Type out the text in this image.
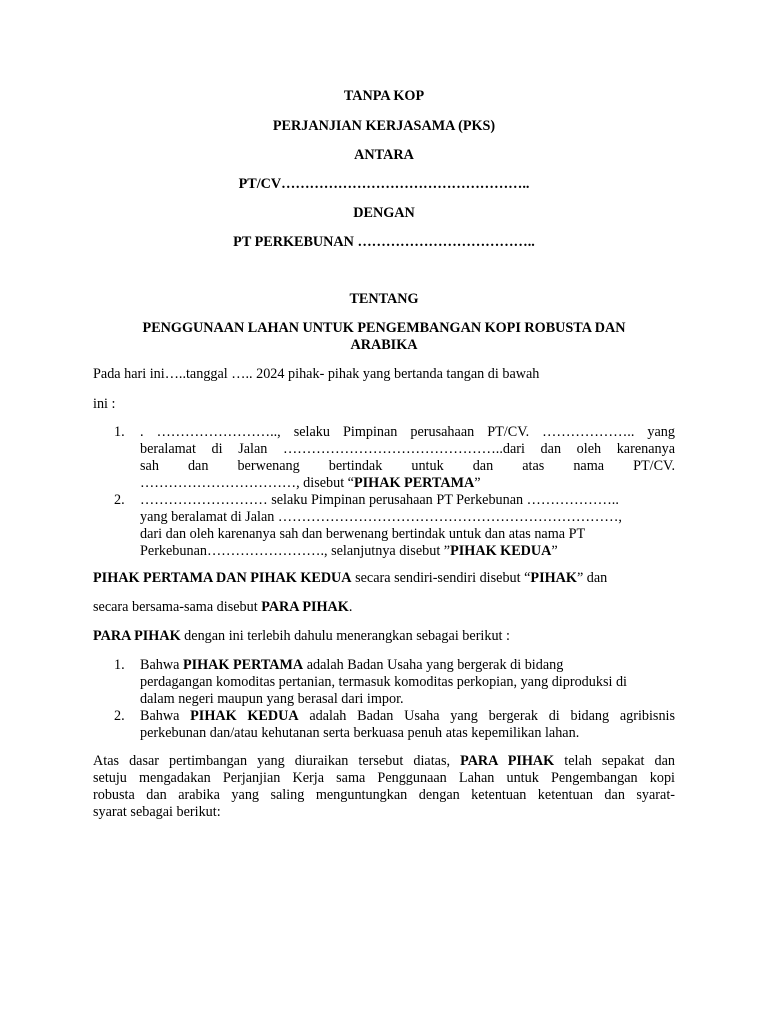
TANPA KOP
PERJANJIAN KERJASAMA (PKS)
ANTARA
PT/CV……………………………………………..
DENGAN
PT PERKEBUNAN ………………………………..
TENTANG
PENGGUNAAN LAHAN UNTUK PENGEMBANGAN KOPI ROBUSTA DAN
ARABIKA
Pada hari ini…..tanggal ….. 2024 pihak- pihak yang bertanda tangan di bawah
ini :
1. . …………………….., selaku Pimpinan perusahaan PT/CV. ……………….. yang
beralamat di Jalan ………………………………………..dari dan oleh karenanya
sah dan berwenang bertindak untuk dan atas nama PT/CV.
……………………………, disebut “PIHAK PERTAMA”
2. ……………………… selaku Pimpinan perusahaan PT Perkebunan ………………..
yang beralamat di Jalan ………………………………………………………………,
dari dan oleh karenanya sah dan berwenang bertindak untuk dan atas nama PT
Perkebunan……………………., selanjutnya disebut ”PIHAK KEDUA”
PIHAK PERTAMA DAN PIHAK KEDUA secara sendiri-sendiri disebut “PIHAK” dan
secara bersama-sama disebut PARA PIHAK.
PARA PIHAK dengan ini terlebih dahulu menerangkan sebagai berikut :
1. Bahwa PIHAK PERTAMA adalah Badan Usaha yang bergerak di bidang
perdagangan komoditas pertanian, termasuk komoditas perkopian, yang diproduksi di
dalam negeri maupun yang berasal dari impor.
2. Bahwa PIHAK KEDUA adalah Badan Usaha yang bergerak di bidang agribisnis
perkebunan dan/atau kehutanan serta berkuasa penuh atas kepemilikan lahan.
Atas dasar pertimbangan yang diuraikan tersebut diatas, PARA PIHAK telah sepakat dan
setuju mengadakan Perjanjian Kerja sama Penggunaan Lahan untuk Pengembangan kopi
robusta dan arabika yang saling menguntungkan dengan ketentuan ketentuan dan syarat-
syarat sebagai berikut:
